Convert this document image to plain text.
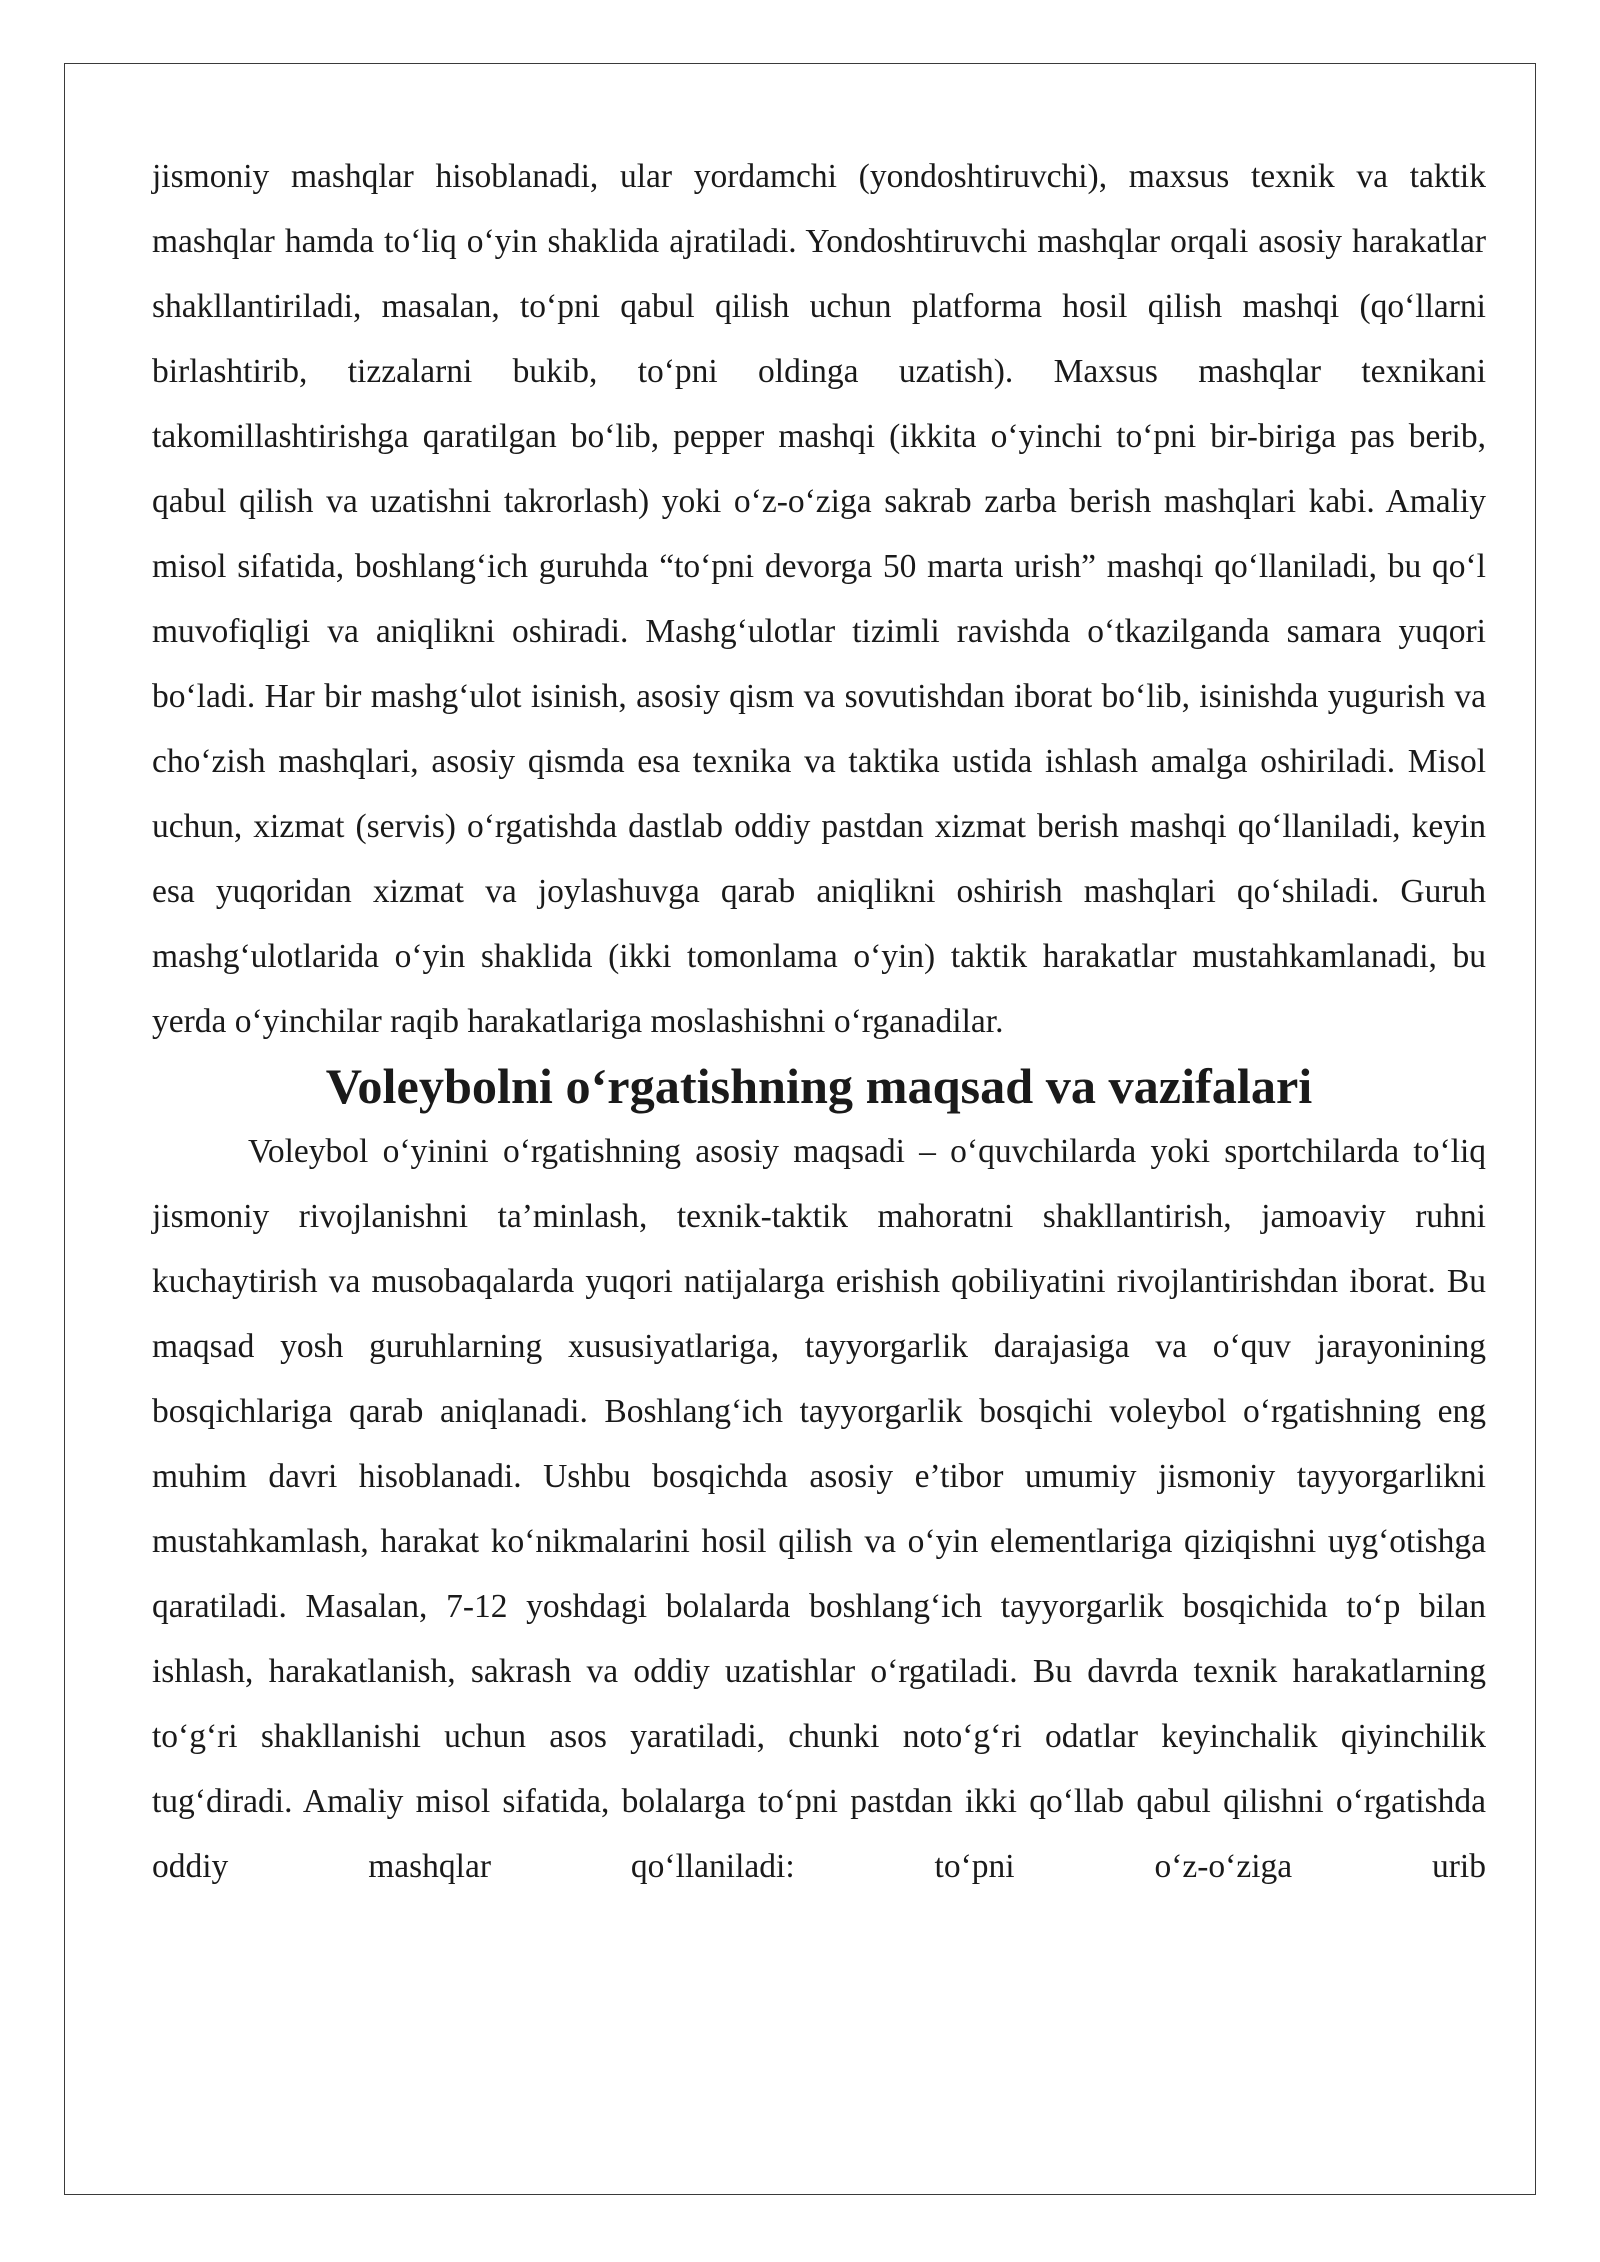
jismoniy mashqlar hisoblanadi, ular yordamchi (yondoshtiruvchi), maxsus texnik va taktik mashqlar hamda to‘liq o‘yin shaklida ajratiladi. Yondoshtiruvchi mashqlar orqali asosiy harakatlar shakllantiriladi, masalan, to‘pni qabul qilish uchun platforma hosil qilish mashqi (qo‘llarni birlashtirib, tizzalarni bukib, to‘pni oldinga uzatish). Maxsus mashqlar texnikani takomillashtirishga qaratilgan bo‘lib, pepper mashqi (ikkita o‘yinchi to‘pni bir-biriga pas berib, qabul qilish va uzatishni takrorlash) yoki o‘z-o‘ziga sakrab zarba berish mashqlari kabi. Amaliy misol sifatida, boshlang‘ich guruhda “to‘pni devorga 50 marta urish” mashqi qo‘llaniladi, bu qo‘l muvofiqligi va aniqlikni oshiradi. Mashg‘ulotlar tizimli ravishda o‘tkazilganda samara yuqori bo‘ladi. Har bir mashg‘ulot isinish, asosiy qism va sovutishdan iborat bo‘lib, isinishda yugurish va cho‘zish mashqlari, asosiy qismda esa texnika va taktika ustida ishlash amalga oshiriladi. Misol uchun, xizmat (servis) o‘rgatishda dastlab oddiy pastdan xizmat berish mashqi qo‘llaniladi, keyin esa yuqoridan xizmat va joylashuvga qarab aniqlikni oshirish mashqlari qo‘shiladi. Guruh mashg‘ulotlarida o‘yin shaklida (ikki tomonlama o‘yin) taktik harakatlar mustahkamlanadi, bu yerda o‘yinchilar raqib harakatlariga moslashishni o‘rganadilar.

Voleybolni o‘rgatishning maqsad va vazifalari

Voleybol o‘yinini o‘rgatishning asosiy maqsadi – o‘quvchilarda yoki sportchilarda to‘liq jismoniy rivojlanishni ta’minlash, texnik-taktik mahoratni shakllantirish, jamoaviy ruhni kuchaytirish va musobaqalarda yuqori natijalarga erishish qobiliyatini rivojlantirishdan iborat. Bu maqsad yosh guruhlarning xususiyatlariga, tayyorgarlik darajasiga va o‘quv jarayonining bosqichlariga qarab aniqlanadi. Boshlang‘ich tayyorgarlik bosqichi voleybol o‘rgatishning eng muhim davri hisoblanadi. Ushbu bosqichda asosiy e’tibor umumiy jismoniy tayyorgarlikni mustahkamlash, harakat ko‘nikmalarini hosil qilish va o‘yin elementlariga qiziqishni uyg‘otishga qaratiladi. Masalan, 7-12 yoshdagi bolalarda boshlang‘ich tayyorgarlik bosqichida to‘p bilan ishlash, harakatlanish, sakrash va oddiy uzatishlar o‘rgatiladi. Bu davrda texnik harakatlarning to‘g‘ri shakllanishi uchun asos yaratiladi, chunki noto‘g‘ri odatlar keyinchalik qiyinchilik tug‘diradi. Amaliy misol sifatida, bolalarga to‘pni pastdan ikki qo‘llab qabul qilishni o‘rgatishda oddiy mashqlar qo‘llaniladi: to‘pni o‘z-o‘ziga urib
